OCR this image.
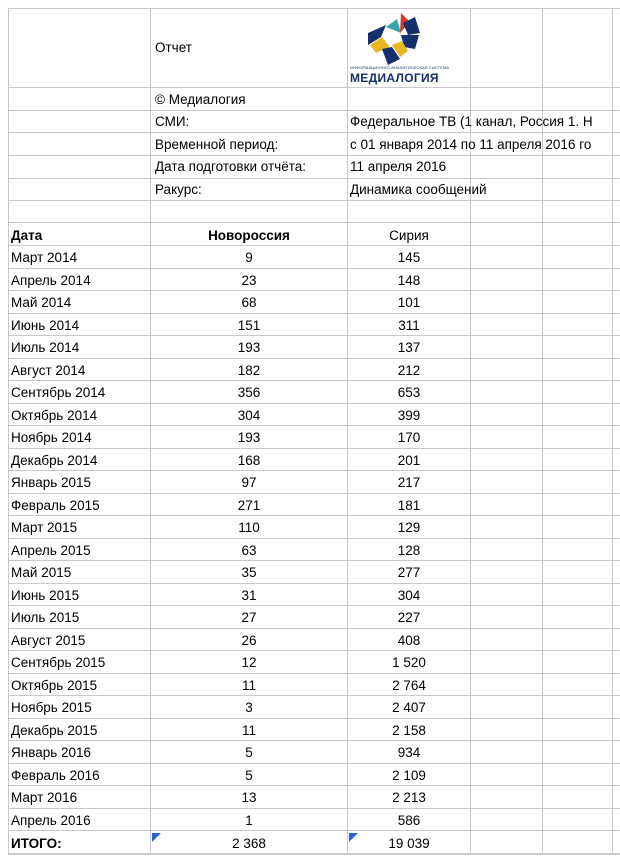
Отчет
ИНФОРМАЦИОННО-АНАЛИТИЧЕСКАЯ СИСТЕМА
МЕДИАЛОГИЯ
© Медиалогия
СМИ:	Федеральное ТВ (1 канал, Россия 1. Н
Временной период:	с 01 января 2014 по 11 апреля 2016 го
Дата подготовки отчёта:	11 апреля 2016
Ракурс:	Динамика сообщений
Дата	Новороссия	Сирия
Март 2014	9	145
Апрель 2014	23	148
Май 2014	68	101
Июнь 2014	151	311
Июль 2014	193	137
Август 2014	182	212
Сентябрь 2014	356	653
Октябрь 2014	304	399
Ноябрь 2014	193	170
Декабрь 2014	168	201
Январь 2015	97	217
Февраль 2015	271	181
Март 2015	110	129
Апрель 2015	63	128
Май 2015	35	277
Июнь 2015	31	304
Июль 2015	27	227
Август 2015	26	408
Сентябрь 2015	12	1 520
Октябрь 2015	11	2 764
Ноябрь 2015	3	2 407
Декабрь 2015	11	2 158
Январь 2016	5	934
Февраль 2016	5	2 109
Март 2016	13	2 213
Апрель 2016	1	586
ИТОГО:	2 368	19 039
